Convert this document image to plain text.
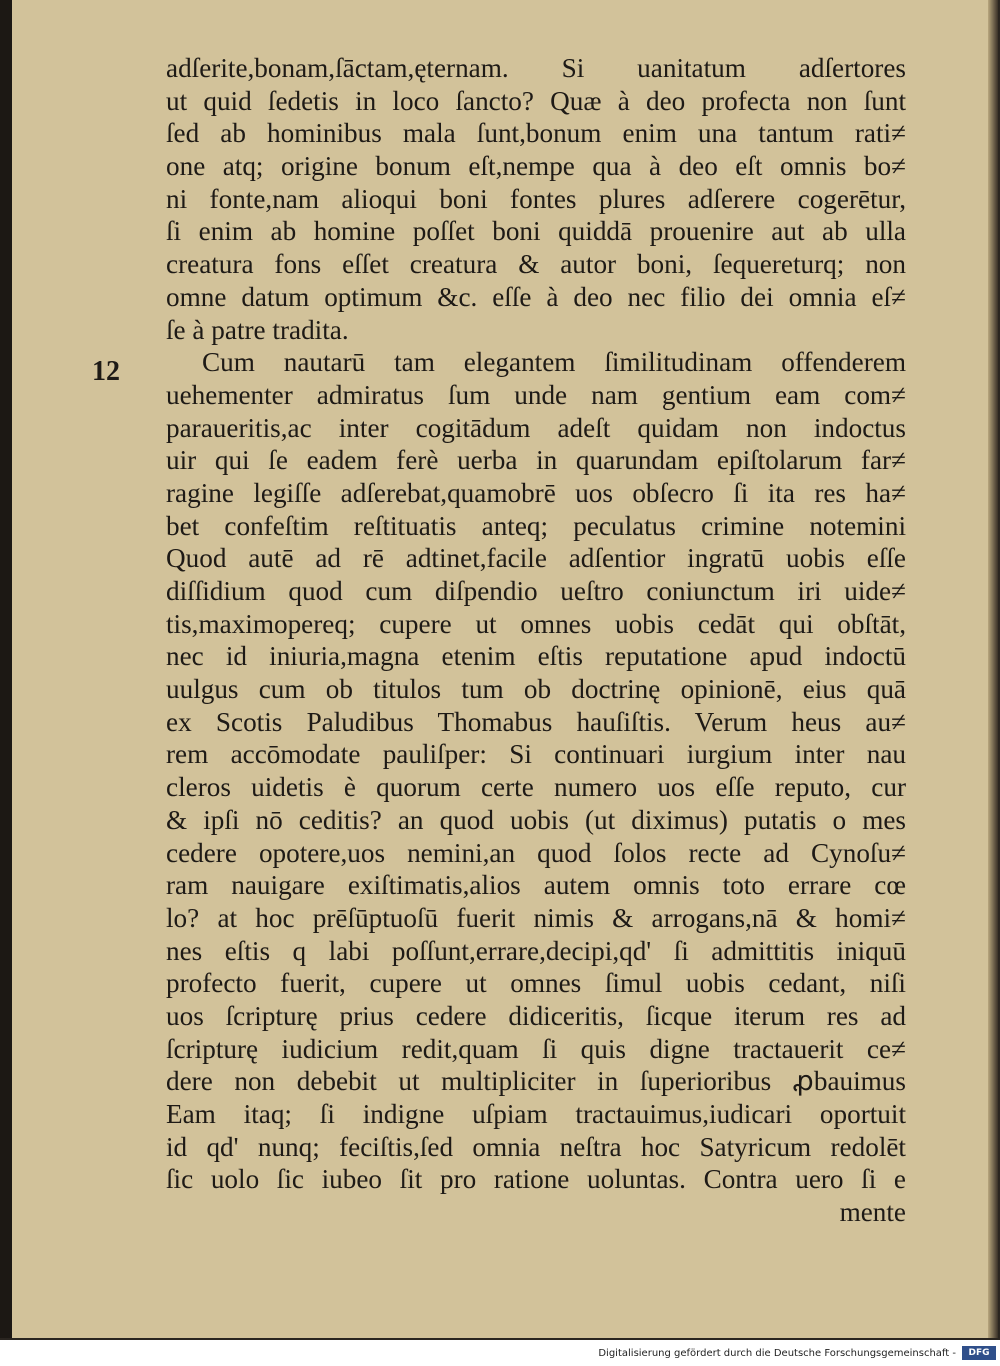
12
adſerite,bonam,ſāctam,ęternam. Si uanitatum adſertores
ut quid ſedetis in loco ſancto? Quæ à deo profecta non ſunt
ſed ab hominibus mala ſunt,bonum enim una tantum rati≠
one atq; origine bonum eſt,nempe qua à deo eſt omnis bo≠
ni fonte,nam alioqui boni fontes plures adſerere cogerētur,
ſi enim ab homine poſſet boni quiddā prouenire aut ab ulla
creatura fons eſſet creatura & autor boni, ſequereturq; non
omne datum optimum &c. eſſe à deo nec filio dei omnia eſ≠
ſe à patre tradita.
Cum nautarū tam elegantem ſimilitudinam offenderem
uehementer admiratus ſum unde nam gentium eam com≠
paraueritis,ac inter cogitādum adeſt quidam non indoctus
uir qui ſe eadem ferè uerba in quarundam epiſtolarum far≠
ragine legiſſe adſerebat,quamobrē uos obſecro ſi ita res ha≠
bet confeſtim reſtituatis anteq; peculatus crimine notemini
Quod autē ad rē adtinet,facile adſentior ingratū uobis eſſe
diſſidium quod cum diſpendio ueſtro coniunctum iri uide≠
tis,maximopereq; cupere ut omnes uobis cedāt qui obſtāt,
nec id iniuria,magna etenim eſtis reputatione apud indoctū
uulgus cum ob titulos tum ob doctrinę opinionē, eius quā
ex Scotis Paludibus Thomabus hauſiſtis. Verum heus au≠
rem accōmodate pauliſper: Si continuari iurgium inter nau
cleros uidetis è quorum certe numero uos eſſe reputo, cur
& ipſi nō ceditis? an quod uobis (ut diximus) putatis o mes
cedere opotere,uos nemini,an quod ſolos recte ad Cynoſu≠
ram nauigare exiſtimatis,alios autem omnis toto errare cœ
lo? at hoc prēſūptuoſū fuerit nimis & arrogans,nā & homi≠
nes eſtis q labi poſſunt,errare,decipi,qd' ſi admittitis iniquū
profecto fuerit, cupere ut omnes ſimul uobis cedant, niſi
uos ſcripturę prius cedere didiceritis, ſicque iterum res ad
ſcripturę iudicium redit,quam ſi quis digne tractauerit ce≠
dere non debebit ut multipliciter in ſuperioribus ꝓbauimus
Eam itaq; ſi indigne uſpiam tractauimus,iudicari oportuit
id qd' nunq; feciſtis,ſed omnia neſtra hoc Satyricum redolēt
ſic uolo ſic iubeo ſit pro ratione uoluntas. Contra uero ſi e
mente
Digitalisierung gefördert durch die Deutsche Forschungsgemeinschaft -	DFG
